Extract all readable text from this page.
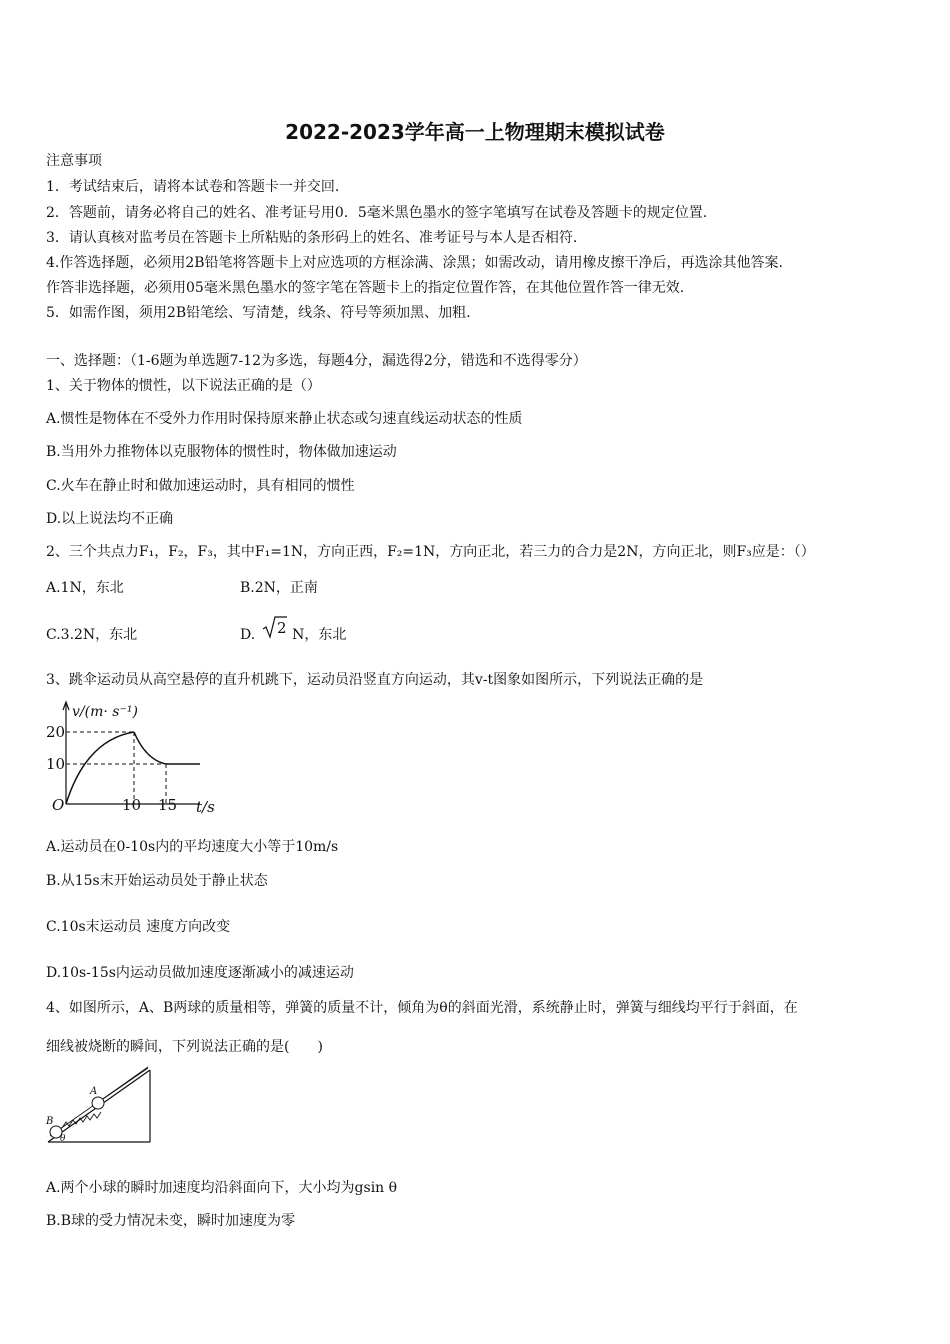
2022-2023学年高一上物理期末模拟试卷
注意事项
1．考试结束后，请将本试卷和答题卡一并交回.
2．答题前，请务必将自己的姓名、准考证号用0．5毫米黑色墨水的签字笔填写在试卷及答题卡的规定位置.
3．请认真核对监考员在答题卡上所粘贴的条形码上的姓名、准考证号与本人是否相符.
4.作答选择题，必须用2B铅笔将答题卡上对应选项的方框涂满、涂黑；如需改动，请用橡皮擦干净后，再选涂其他答案.
作答非选择题，必须用05毫米黑色墨水的签字笔在答题卡上的指定位置作答，在其他位置作答一律无效.
5．如需作图，须用2B铅笔绘、写清楚，线条、符号等须加黑、加粗.
一、选择题：（1-6题为单选题7-12为多选，每题4分，漏选得2分，错选和不选得零分）
1、关于物体的惯性，以下说法正确的是（）
A.惯性是物体在不受外力作用时保持原来静止状态或匀速直线运动状态的性质
B.当用外力推物体以克服物体的惯性时，物体做加速运动
C.火车在静止时和做加速运动时，具有相同的惯性
D.以上说法均不正确
2、三个共点力F₁，F₂，F₃，其中F₁=1N，方向正西，F₂=1N，方向正北，若三力的合力是2N，方向正北，则F₃应是：（）
A.1N，东北	B.2N，正南
C.3.2N，东北	D. 2 N，东北
3、跳伞运动员从高空悬停的直升机跳下，运动员沿竖直方向运动，其v-t图象如图所示，下列说法正确的是
v/(m· s⁻¹)
t/s
O
20
10
10 15
A.运动员在0-10s内的平均速度大小等于10m/s
B.从15s末开始运动员处于静止状态
C.10s末运动员 速度方向改变
D.10s-15s内运动员做加速度逐渐减小的减速运动
4、如图所示，A、B两球的质量相等，弹簧的质量不计，倾角为θ的斜面光滑，系统静止时，弹簧与细线均平行于斜面，在
细线被烧断的瞬间，下列说法正确的是(　　)
A
B
θ
A.两个小球的瞬时加速度均沿斜面向下，大小均为gsin θ
B.B球的受力情况未变，瞬时加速度为零
